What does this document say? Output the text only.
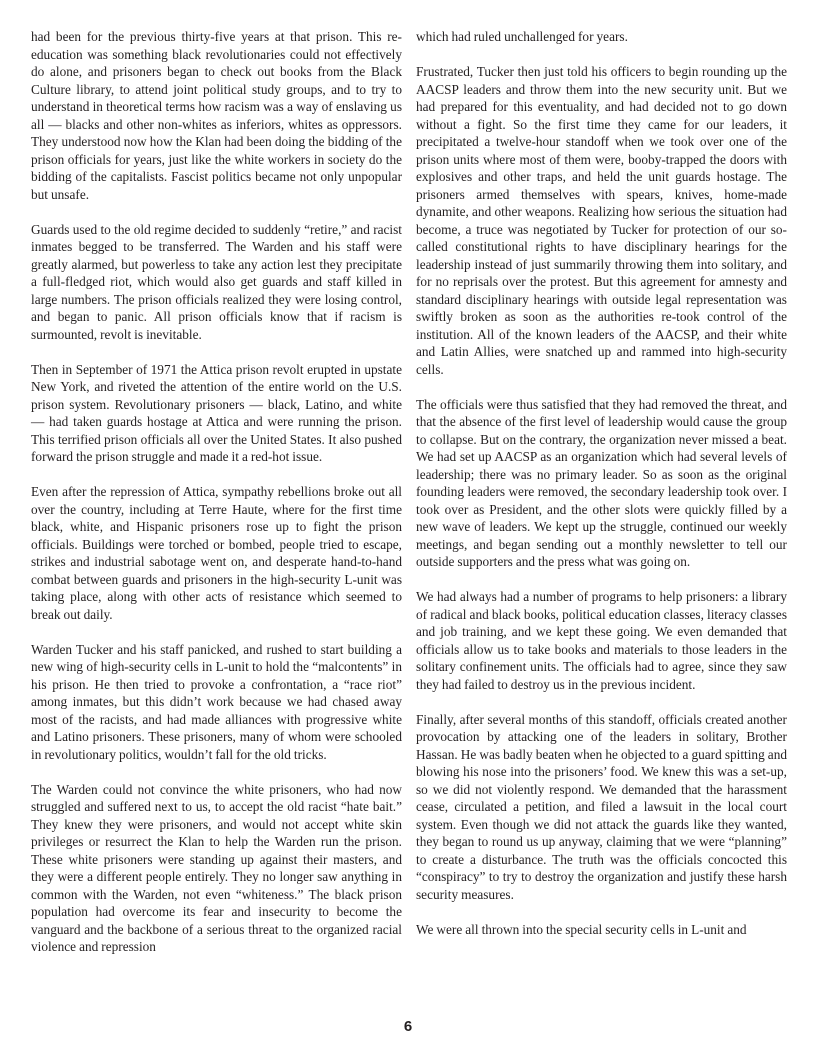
had been for the previous thirty-five years at that prison. This re-education was something black revolutionaries could not effectively do alone, and prisoners began to check out books from the Black Culture library, to attend joint political study groups, and to try to understand in theoretical terms how racism was a way of enslaving us all — blacks and other non-whites as inferiors, whites as oppressors. They understood now how the Klan had been doing the bidding of the prison officials for years, just like the white workers in society do the bidding of the capitalists. Fascist politics became not only unpopular but unsafe.

Guards used to the old regime decided to suddenly “retire,” and racist inmates begged to be transferred. The Warden and his staff were greatly alarmed, but powerless to take any action lest they precipitate a full-fledged riot, which would also get guards and staff killed in large numbers. The prison officials realized they were losing control, and began to panic. All prison officials know that if racism is surmounted, revolt is inevitable.

Then in September of 1971 the Attica prison revolt erupted in upstate New York, and riveted the attention of the entire world on the U.S. prison system. Revolutionary prisoners — black, Latino, and white — had taken guards hostage at Attica and were running the prison. This terrified prison officials all over the United States. It also pushed forward the prison struggle and made it a red-hot issue.

Even after the repression of Attica, sympathy rebellions broke out all over the country, including at Terre Haute, where for the first time black, white, and Hispanic prisoners rose up to fight the prison officials. Buildings were torched or bombed, people tried to escape, strikes and industrial sabotage went on, and desperate hand-to-hand combat between guards and prisoners in the high-security L-unit was taking place, along with other acts of resistance which seemed to break out daily.

Warden Tucker and his staff panicked, and rushed to start building a new wing of high-security cells in L-unit to hold the “malcontents” in his prison. He then tried to provoke a confrontation, a “race riot” among inmates, but this didn’t work because we had chased away most of the racists, and had made alliances with progressive white and Latino prisoners. These prisoners, many of whom were schooled in revolutionary politics, wouldn’t fall for the old tricks.

The Warden could not convince the white prisoners, who had now struggled and suffered next to us, to accept the old racist “hate bait.” They knew they were prisoners, and would not accept white skin privileges or resurrect the Klan to help the Warden run the prison. These white prisoners were standing up against their masters, and they were a different people entirely. They no longer saw anything in common with the Warden, not even “whiteness.” The black prison population had overcome its fear and insecurity to become the vanguard and the backbone of a serious threat to the organized racial violence and repression

which had ruled unchallenged for years.

Frustrated, Tucker then just told his officers to begin rounding up the AACSP leaders and throw them into the new security unit. But we had prepared for this eventuality, and had decided not to go down without a fight. So the first time they came for our leaders, it precipitated a twelve-hour standoff when we took over one of the prison units where most of them were, booby-trapped the doors with explosives and other traps, and held the unit guards hostage. The prisoners armed themselves with spears, knives, home-made dynamite, and other weapons. Realizing how serious the situation had become, a truce was negotiated by Tucker for protection of our so-called constitutional rights to have disciplinary hearings for the leadership instead of just summarily throwing them into solitary, and for no reprisals over the protest. But this agreement for amnesty and standard disciplinary hearings with outside legal representation was swiftly broken as soon as the authorities re-took control of the institution. All of the known leaders of the AACSP, and their white and Latin Allies, were snatched up and rammed into high-security cells.

The officials were thus satisfied that they had removed the threat, and that the absence of the first level of leadership would cause the group to collapse. But on the contrary, the organization never missed a beat. We had set up AACSP as an organization which had several levels of leadership; there was no primary leader. So as soon as the original founding leaders were removed, the secondary leadership took over. I took over as President, and the other slots were quickly filled by a new wave of leaders. We kept up the struggle, continued our weekly meetings, and began sending out a monthly newsletter to tell our outside supporters and the press what was going on.

We had always had a number of programs to help prisoners: a library of radical and black books, political education classes, literacy classes and job training, and we kept these going. We even demanded that officials allow us to take books and materials to those leaders in the solitary confinement units. The officials had to agree, since they saw they had failed to destroy us in the previous incident.

Finally, after several months of this standoff, officials created another provocation by attacking one of the leaders in solitary, Brother Hassan. He was badly beaten when he objected to a guard spitting and blowing his nose into the prisoners’ food. We knew this was a set-up, so we did not violently respond. We demanded that the harassment cease, circulated a petition, and filed a lawsuit in the local court system. Even though we did not attack the guards like they wanted, they began to round us up anyway, claiming that we were “planning” to create a disturbance. The truth was the officials concocted this “conspiracy” to try to destroy the organization and justify these harsh security measures.

We were all thrown into the special security cells in L-unit and

6
